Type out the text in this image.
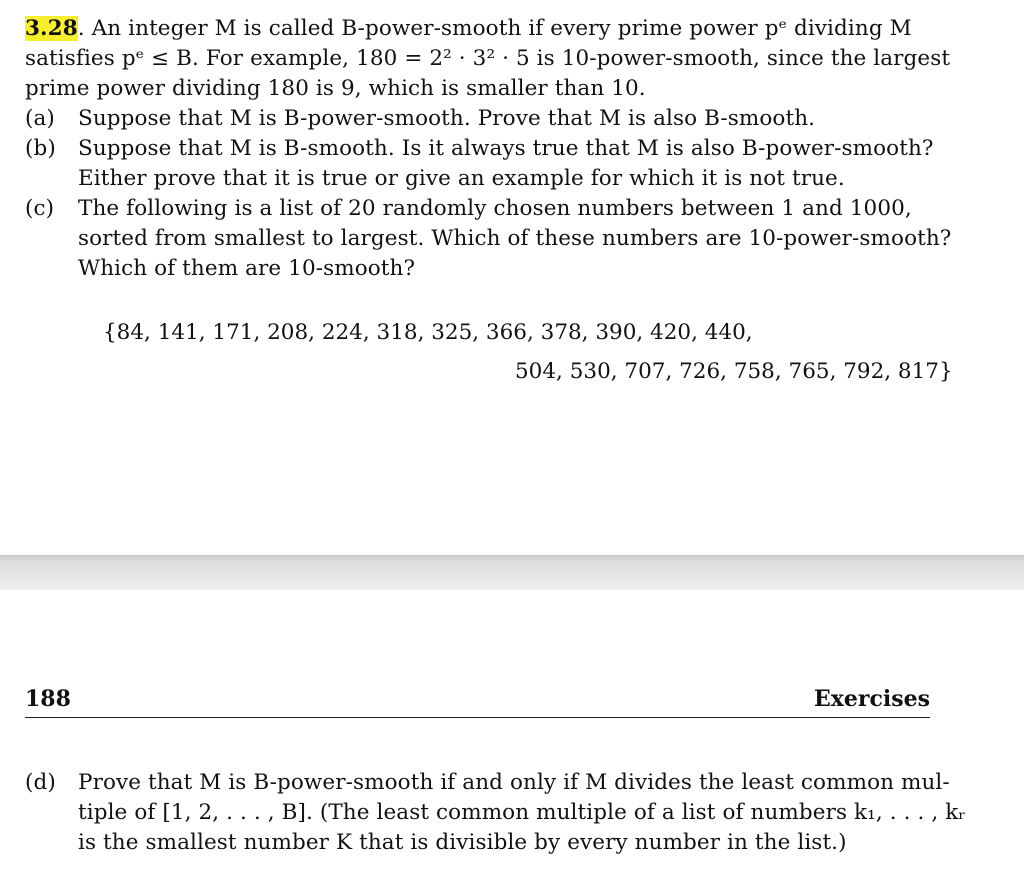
3.28. An integer M is called B-power-smooth if every prime power pᵉ dividing M
satisfies pᵉ ≤ B. For example, 180 = 2² · 3² · 5 is 10-power-smooth, since the largest
prime power dividing 180 is 9, which is smaller than 10.
(a) Suppose that M is B-power-smooth. Prove that M is also B-smooth.
(b) Suppose that M is B-smooth. Is it always true that M is also B-power-smooth?
Either prove that it is true or give an example for which it is not true.
(c) The following is a list of 20 randomly chosen numbers between 1 and 1000,
sorted from smallest to largest. Which of these numbers are 10-power-smooth?
Which of them are 10-smooth?
{84, 141, 171, 208, 224, 318, 325, 366, 378, 390, 420, 440,
504, 530, 707, 726, 758, 765, 792, 817}
188	Exercises
(d) Prove that M is B-power-smooth if and only if M divides the least common mul-
tiple of [1, 2, . . . , B]. (The least common multiple of a list of numbers k₁, . . . , kᵣ
is the smallest number K that is divisible by every number in the list.)
